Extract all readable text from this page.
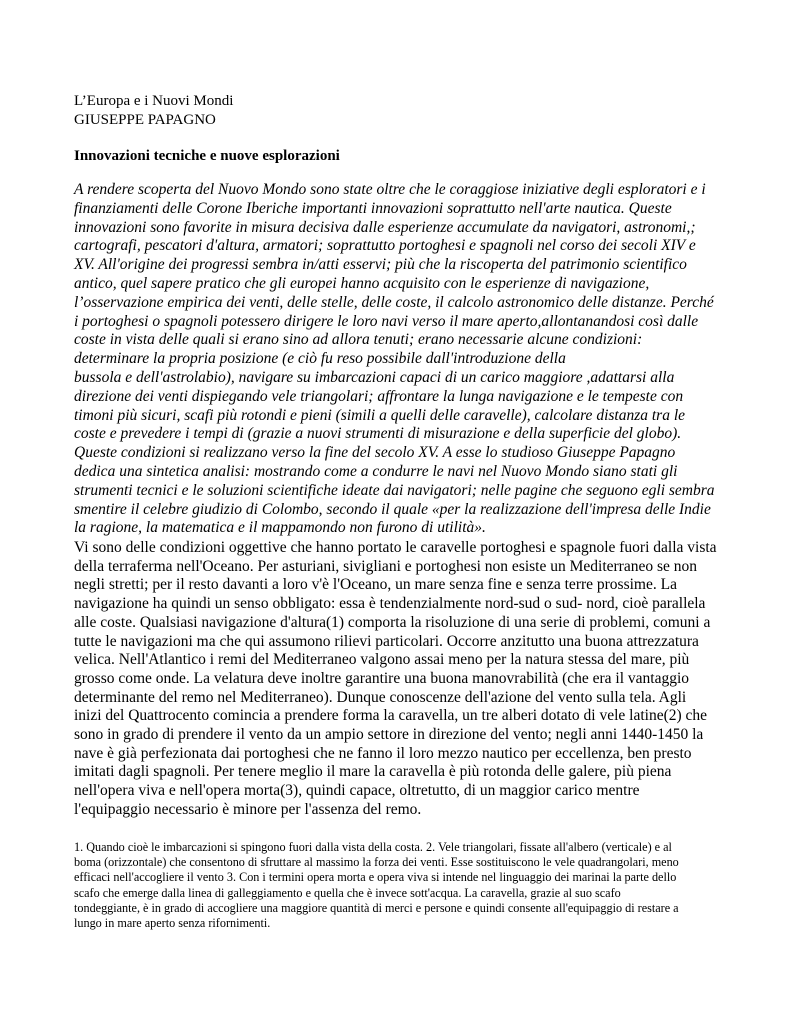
L’Europa e i Nuovi Mondi
GIUSEPPE PAPAGNO
Innovazioni tecniche e nuove esplorazioni
A rendere scoperta del Nuovo Mondo sono state oltre che le coraggiose iniziative degli esploratori e i
finanziamenti delle Corone Iberiche importanti innovazioni soprattutto nell'arte nautica. Queste
innovazioni sono favorite in misura decisiva dalle esperienze accumulate da navigatori, astronomi,;
cartografi, pescatori d'altura, armatori; soprattutto portoghesi e spagnoli nel corso dei secoli XIV e
XV. All'origine dei progressi sembra in/atti esservi; più che la riscoperta del patrimonio scientifico
antico, quel sapere pratico che gli europei hanno acquisito con le esperienze di navigazione,
l’osservazione empirica dei venti, delle stelle, delle coste, il calcolo astronomico delle distanze. Perché
i portoghesi o spagnoli potessero dirigere le loro navi verso il mare aperto,allontanandosi così dalle
coste in vista delle quali si erano sino ad allora tenuti; erano necessarie alcune condizioni:
determinare la propria posizione (e ciò fu reso possibile dall'introduzione della
bussola e dell'astrolabio), navigare su imbarcazioni capaci di un carico maggiore ,adattarsi alla
direzione dei venti dispiegando vele triangolari; affrontare la lunga navigazione e le tempeste con
timoni più sicuri, scafi più rotondi e pieni (simili a quelli delle caravelle), calcolare distanza tra le
coste e prevedere i tempi di (grazie a nuovi strumenti di misurazione e della superficie del globo).
Queste condizioni si realizzano verso la fine del secolo XV. A esse lo studioso Giuseppe Papagno
dedica una sintetica analisi: mostrando come a condurre le navi nel Nuovo Mondo siano stati gli
strumenti tecnici e le soluzioni scientifiche ideate dai navigatori; nelle pagine che seguono egli sembra
smentire il celebre giudizio di Colombo, secondo il quale «per la realizzazione dell'impresa delle Indie
la ragione, la matematica e il mappamondo non furono di utilità».
Vi sono delle condizioni oggettive che hanno portato le caravelle portoghesi e spagnole fuori dalla vista
della terraferma nell'Oceano. Per asturiani, sivigliani e portoghesi non esiste un Mediterraneo se non
negli stretti; per il resto davanti a loro v'è l'Oceano, un mare senza fine e senza terre prossime. La
navigazione ha quindi un senso obbligato: essa è tendenzialmente nord-sud o sud- nord, cioè parallela
alle coste. Qualsiasi navigazione d'altura(1) comporta la risoluzione di una serie di problemi, comuni a
tutte le navigazioni ma che qui assumono rilievi particolari. Occorre anzitutto una buona attrezzatura
velica. Nell'Atlantico i remi del Mediterraneo valgono assai meno per la natura stessa del mare, più
grosso come onde. La velatura deve inoltre garantire una buona manovrabilità (che era il vantaggio
determinante del remo nel Mediterraneo). Dunque conoscenze dell'azione del vento sulla tela. Agli
inizi del Quattrocento comincia a prendere forma la caravella, un tre alberi dotato di vele latine(2) che
sono in grado di prendere il vento da un ampio settore in direzione del vento; negli anni 1440-1450 la
nave è già perfezionata dai portoghesi che ne fanno il loro mezzo nautico per eccellenza, ben presto
imitati dagli spagnoli. Per tenere meglio il mare la caravella è più rotonda delle galere, più piena
nell'opera viva e nell'opera morta(3), quindi capace, oltretutto, di un maggior carico mentre
l'equipaggio necessario è minore per l'assenza del remo.
1. Quando cioè le imbarcazioni si spingono fuori dalla vista della costa. 2. Vele triangolari, fissate all'albero (verticale) e al
boma (orizzontale) che consentono di sfruttare al massimo la forza dei venti. Esse sostituiscono le vele quadrangolari, meno
efficaci nell'accogliere il vento 3. Con i termini opera morta e opera viva si intende nel linguaggio dei marinai la parte dello
scafo che emerge dalla linea di galleggiamento e quella che è invece sott'acqua. La caravella, grazie al suo scafo
tondeggiante, è in grado di accogliere una maggiore quantità di merci e persone e quindi consente all'equipaggio di restare a
lungo in mare aperto senza rifornimenti.
